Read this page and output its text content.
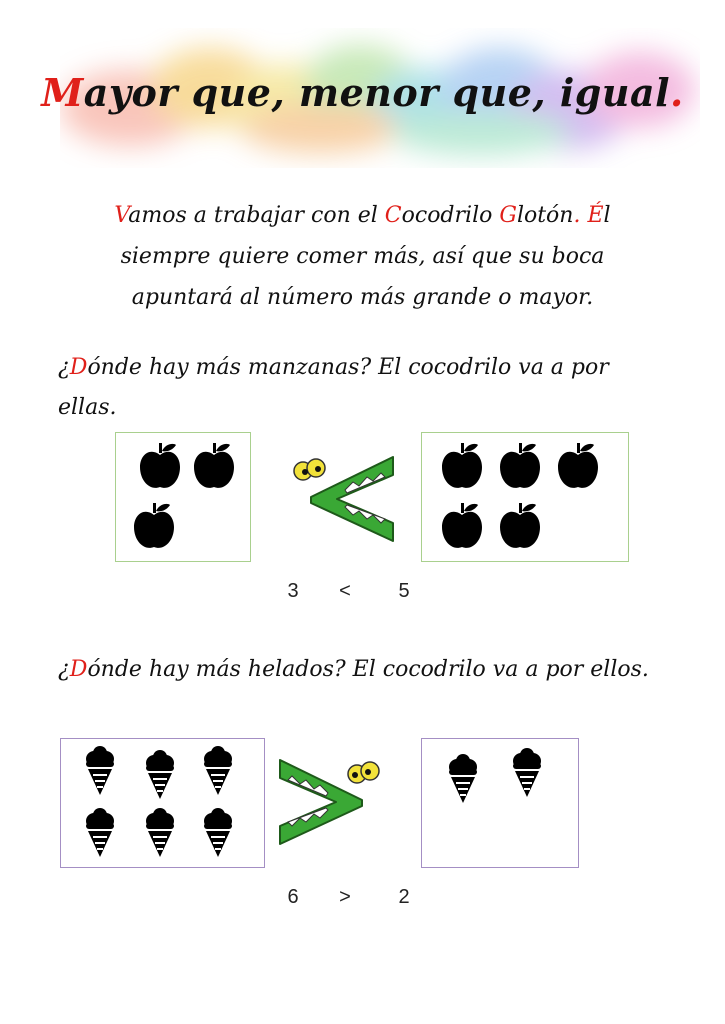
Mayor que, menor que, igual.
Vamos a trabajar con el Cocodrilo Glotón. Él
siempre quiere comer más, así que su boca
apuntará al número más grande o mayor.
¿Dónde hay más manzanas? El cocodrilo va a por ellas.
3	<	5
¿Dónde hay más helados? El cocodrilo va a por ellos.
6	>	2
